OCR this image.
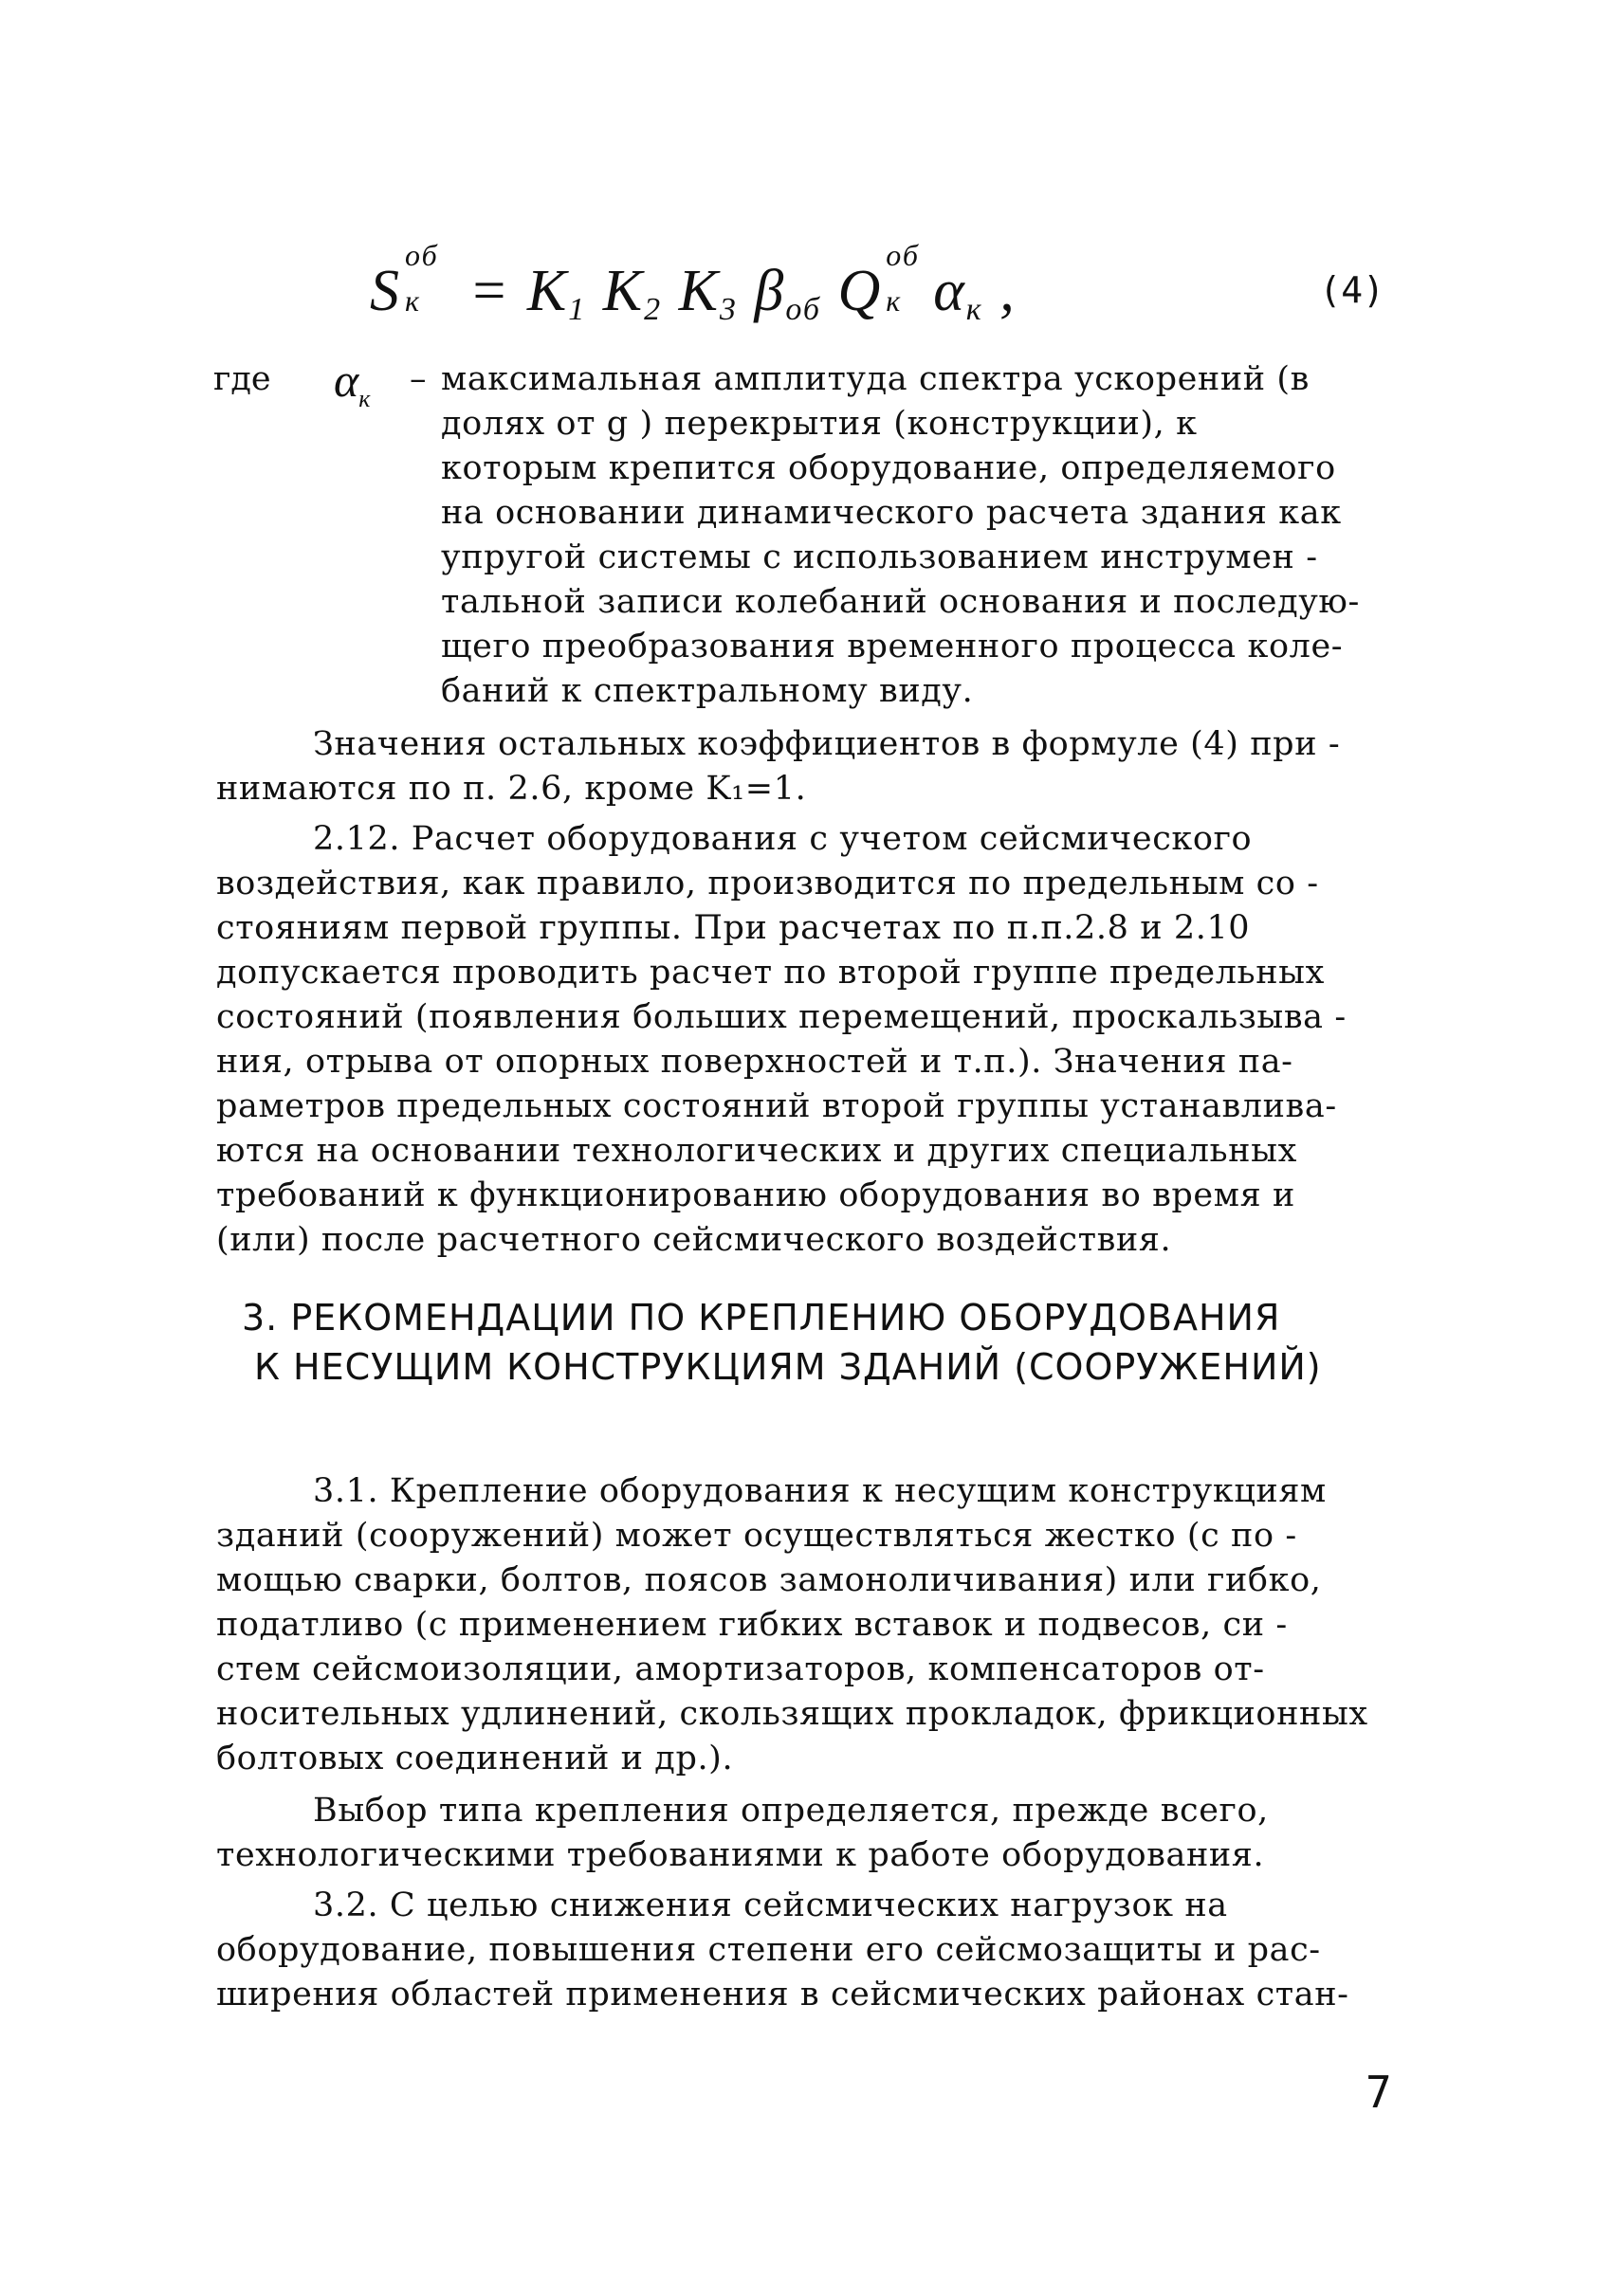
S
об
$к = K_1$ $K_2$ $K_3$ $\beta_{об}$ Q
об
к $\alpha_к$ ,	(4)
где $\alpha_к$
– максимальная амплитуда спектра ускорений (в
долях от g ) перекрытия (конструкции), к
которым крепится оборудование, определяемого
на основании динамического расчета здания как
упругой системы с использованием инструмен -
тальной записи колебаний основания и последую-
щего преобразования временного процесса коле-
баний к спектральному виду.
Значения остальных коэффициентов в формуле (4) при -
нимаются по п. 2.6, кроме K₁=1.
2.12. Расчет оборудования с учетом сейсмического
воздействия, как правило, производится по предельным со -
стояниям первой группы. При расчетах по п.п.2.8 и 2.10
допускается проводить расчет по второй группе предельных
состояний (появления больших перемещений, проскальзыва -
ния, отрыва от опорных поверхностей и т.п.). Значения па-
раметров предельных состояний второй группы устанавлива-
ются на основании технологических и других специальных
требований к функционированию оборудования во время и
(или) после расчетного сейсмического воздействия.
3. РЕКОМЕНДАЦИИ ПО КРЕПЛЕНИЮ ОБОРУДОВАНИЯ
К НЕСУЩИМ КОНСТРУКЦИЯМ ЗДАНИЙ (СООРУЖЕНИЙ)
3.1. Крепление оборудования к несущим конструкциям
зданий (сооружений) может осуществляться жестко (с по -
мощью сварки, болтов, поясов замоноличивания) или гибко,
податливо (с применением гибких вставок и подвесов, си -
стем сейсмоизоляции, амортизаторов, компенсаторов от-
носительных удлинений, скользящих прокладок, фрикционных
болтовых соединений и др.).
Выбор типа крепления определяется, прежде всего,
технологическими требованиями к работе оборудования.
3.2. С целью снижения сейсмических нагрузок на
оборудование, повышения степени его сейсмозащиты и рас-
ширения областей применения в сейсмических районах стан-
7
